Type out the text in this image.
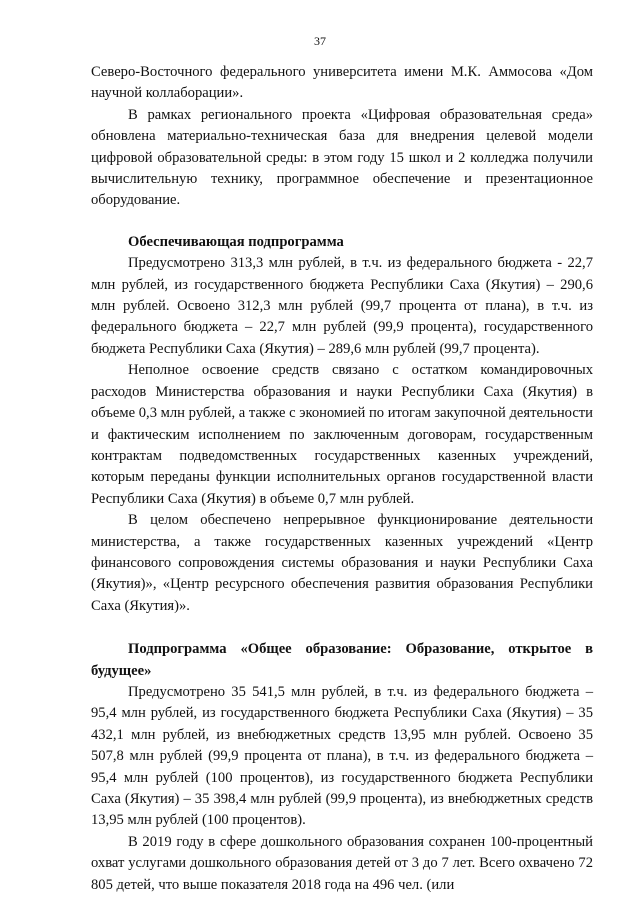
37

Северо-Восточного федерального университета имени М.К. Аммосова «Дом научной коллаборации».

В рамках регионального проекта «Цифровая образовательная среда» обновлена материально-техническая база для внедрения целевой модели цифровой образовательной среды: в этом году 15 школ и 2 колледжа получили вычислительную технику, программное обеспечение и презентационное оборудование.

Обеспечивающая подпрограмма

Предусмотрено 313,3 млн рублей, в т.ч. из федерального бюджета - 22,7 млн рублей, из государственного бюджета Республики Саха (Якутия) – 290,6 млн рублей. Освоено 312,3 млн рублей (99,7 процента от плана), в т.ч. из федерального бюджета – 22,7 млн рублей (99,9 процента), государственного бюджета Республики Саха (Якутия) – 289,6 млн рублей (99,7 процента).

Неполное освоение средств связано с остатком командировочных расходов Министерства образования и науки Республики Саха (Якутия) в объеме 0,3 млн рублей, а также с экономией по итогам закупочной деятельности и фактическим исполнением по заключенным договорам, государственным контрактам подведомственных государственных казенных учреждений, которым переданы функции исполнительных органов государственной власти Республики Саха (Якутия) в объеме 0,7 млн рублей.

В целом обеспечено непрерывное функционирование деятельности министерства, а также государственных казенных учреждений «Центр финансового сопровождения системы образования и науки Республики Саха (Якутия)», «Центр ресурсного обеспечения развития образования Республики Саха (Якутия)».

Подпрограмма «Общее образование: Образование, открытое в будущее»

Предусмотрено 35 541,5 млн рублей, в т.ч. из федерального бюджета – 95,4 млн рублей, из государственного бюджета Республики Саха (Якутия) – 35 432,1 млн рублей, из внебюджетных средств 13,95 млн рублей. Освоено 35 507,8 млн рублей (99,9 процента от плана), в т.ч. из федерального бюджета – 95,4 млн рублей (100 процентов), из государственного бюджета Республики Саха (Якутия) – 35 398,4 млн рублей (99,9 процента), из внебюджетных средств 13,95 млн рублей (100 процентов).

В 2019 году в сфере дошкольного образования сохранен 100-процентный охват услугами дошкольного образования детей от 3 до 7 лет. Всего охвачено 72 805 детей, что выше показателя 2018 года на 496 чел. (или
